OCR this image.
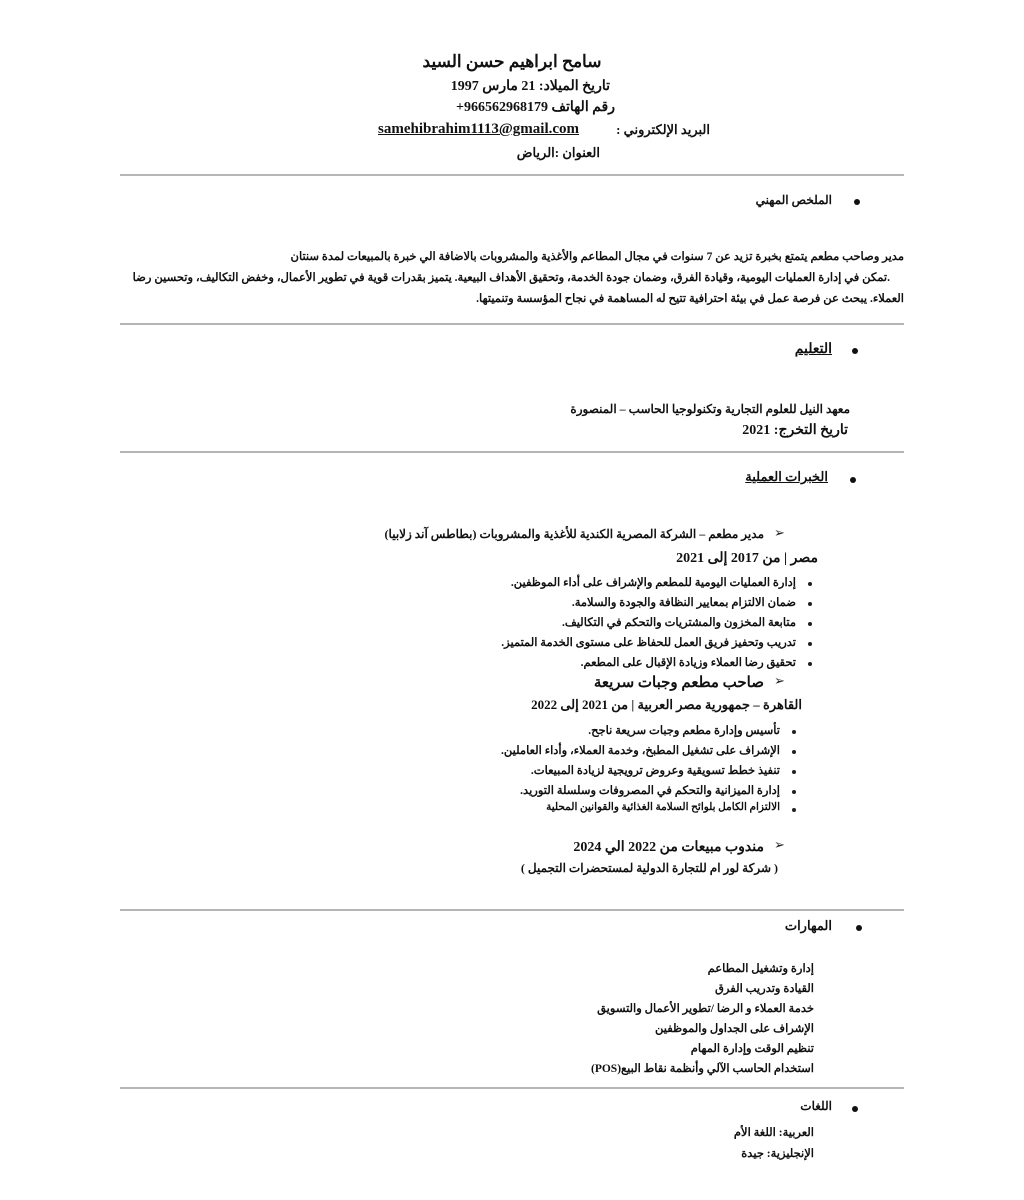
سامح ابراهيم حسن السيد
تاريخ الميلاد: 21 مارس 1997
رقم الهاتف 966562968179+
البريد الإلكتروني :
samehibrahim1113@gmail.com
العنوان :الرياض
الملخص المهني
مدير وصاحب مطعم يتمتع بخبرة تزيد عن 7 سنوات في مجال المطاعم والأغذية والمشروبات بالاضافة الي خبرة بالمبيعات لمدة سنتان
.تمكن في إدارة العمليات اليومية، وقيادة الفرق، وضمان جودة الخدمة، وتحقيق الأهداف البيعية. يتميز بقدرات قوية في تطوير الأعمال، وخفض التكاليف، وتحسين رضا
العملاء. يبحث عن فرصة عمل في بيئة احترافية تتيح له المساهمة في نجاح المؤسسة وتنميتها.
التعليم
معهد النيل للعلوم التجارية وتكنولوجيا الحاسب – المنصورة
تاريخ التخرج: 2021
الخبرات العملية
➢
مدير مطعم – الشركة المصرية الكندية للأغذية والمشروبات (بطاطس آند زلابيا)
مصر | من 2017 إلى 2021
إدارة العمليات اليومية للمطعم والإشراف على أداء الموظفين.
ضمان الالتزام بمعايير النظافة والجودة والسلامة.
متابعة المخزون والمشتريات والتحكم في التكاليف.
تدريب وتحفيز فريق العمل للحفاظ على مستوى الخدمة المتميز.
تحقيق رضا العملاء وزيادة الإقبال على المطعم.
➢
صاحب مطعم وجبات سريعة
القاهرة – جمهورية مصر العربية | من 2021 إلى 2022
تأسيس وإدارة مطعم وجبات سريعة ناجح.
الإشراف على تشغيل المطبخ، وخدمة العملاء، وأداء العاملين.
تنفيذ خطط تسويقية وعروض ترويجية لزيادة المبيعات.
إدارة الميزانية والتحكم في المصروفات وسلسلة التوريد.
الالتزام الكامل بلوائح السلامة الغذائية والقوانين المحلية
➢
مندوب مبيعات من 2022 الي 2024
( شركة لور ام للتجارة الدولية لمستحضرات التجميل )
المهارات
إدارة وتشغيل المطاعم
القيادة وتدريب الفرق
خدمة العملاء و الرضا /تطوير الأعمال والتسويق
الإشراف على الجداول والموظفين
تنظيم الوقت وإدارة المهام
استخدام الحاسب الآلي وأنظمة نقاط البيع(POS)
اللغات
العربية: اللغة الأم
الإنجليزية: جيدة
